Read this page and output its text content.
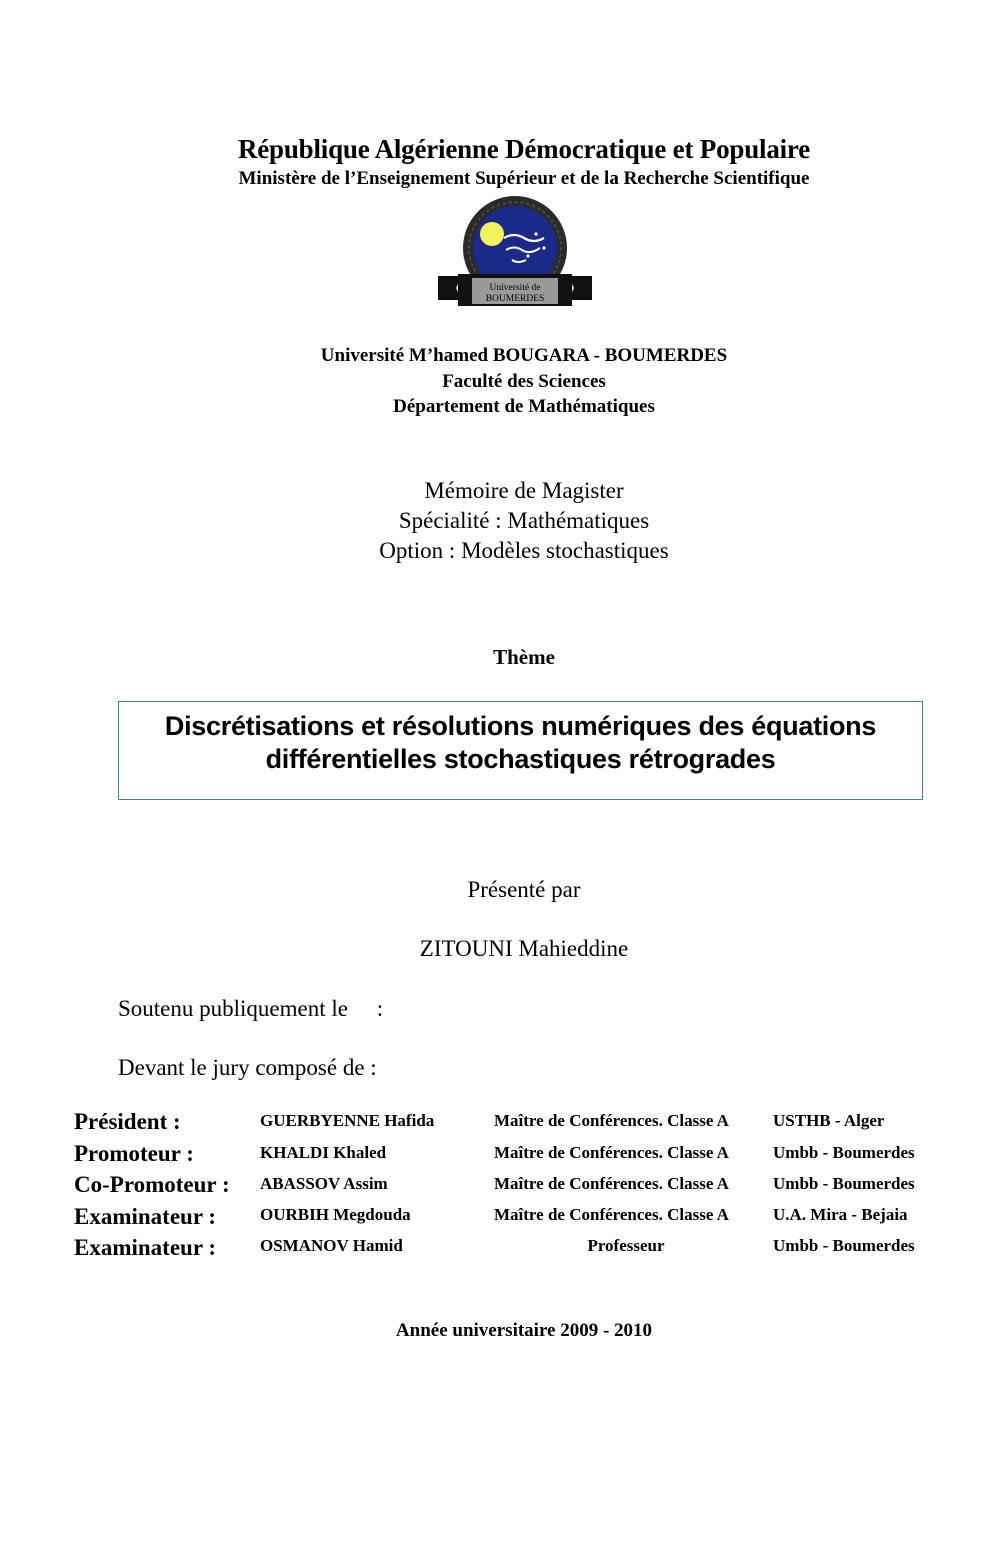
République Algérienne Démocratique et Populaire
Ministère de l’Enseignement Supérieur et de la Recherche Scientifique
Université de
BOUMERDES
Université M’hamed BOUGARA - BOUMERDES
Faculté des Sciences
Département de Mathématiques
Mémoire de Magister
Spécialité : Mathématiques
Option : Modèles stochastiques
Thème
Discrétisations et résolutions numériques des équations
différentielles stochastiques rétrogrades
Présenté par
ZITOUNI Mahieddine
Soutenu publiquement le     :
Devant le jury composé de :
Président :	GUERBYENNE Hafida	Maître de Conférences. Classe A	USTHB - Alger
Promoteur :	KHALDI Khaled	Maître de Conférences. Classe A	Umbb - Boumerdes
Co-Promoteur : ABASSOV Assim	Maître de Conférences. Classe A	Umbb - Boumerdes
Examinateur :	OURBIH Megdouda	Maître de Conférences. Classe A	U.A. Mira - Bejaia
Examinateur :	OSMANOV Hamid	Professeur	Umbb - Boumerdes
Année universitaire 2009 - 2010
